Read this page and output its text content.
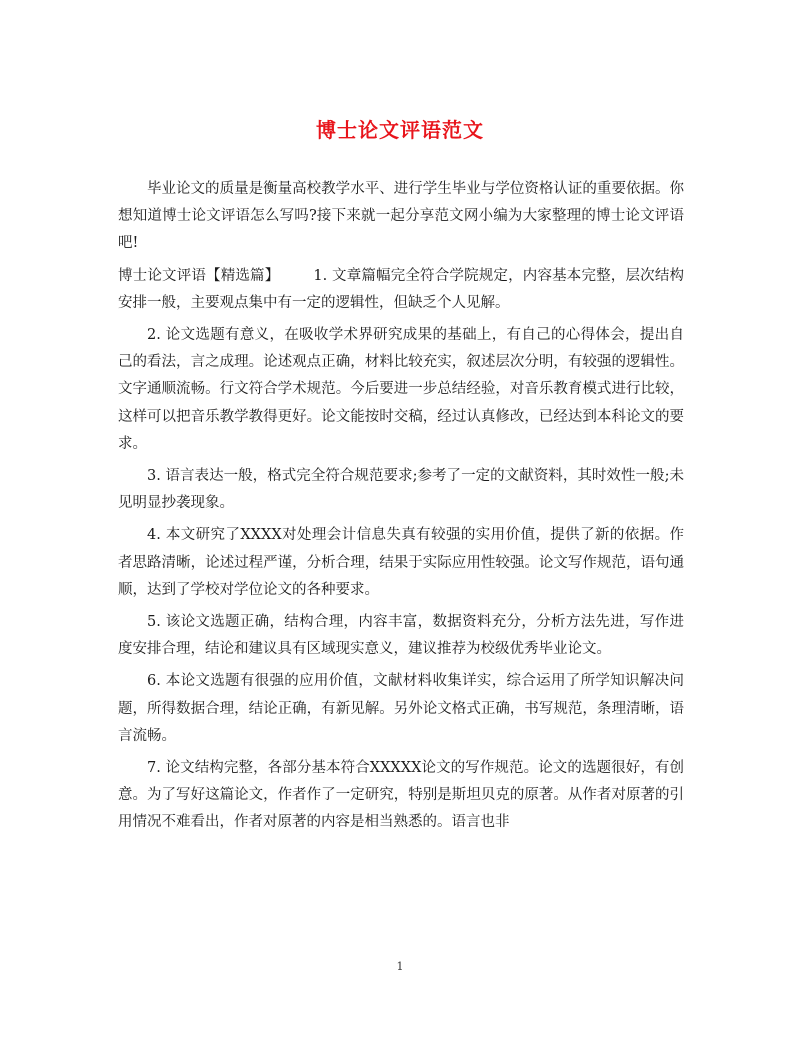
博士论文评语范文

毕业论文的质量是衡量高校教学水平、进行学生毕业与学位资格认证的重要依据。你想知道博士论文评语怎么写吗?接下来就一起分享范文网小编为大家整理的博士论文评语吧!

博士论文评语【精选篇】 1. 文章篇幅完全符合学院规定，内容基本完整，层次结构安排一般，主要观点集中有一定的逻辑性，但缺乏个人见解。

2. 论文选题有意义，在吸收学术界研究成果的基础上，有自己的心得体会，提出自己的看法，言之成理。论述观点正确，材料比较充实，叙述层次分明，有较强的逻辑性。文字通顺流畅。行文符合学术规范。今后要进一步总结经验，对音乐教育模式进行比较，这样可以把音乐教学教得更好。论文能按时交稿，经过认真修改，已经达到本科论文的要求。

3. 语言表达一般，格式完全符合规范要求;参考了一定的文献资料，其时效性一般;未见明显抄袭现象。

4. 本文研究了XXXX对处理会计信息失真有较强的实用价值，提供了新的依据。作者思路清晰，论述过程严谨，分析合理，结果于实际应用性较强。论文写作规范，语句通顺，达到了学校对学位论文的各种要求。

5. 该论文选题正确，结构合理，内容丰富，数据资料充分，分析方法先进，写作进度安排合理，结论和建议具有区域现实意义，建议推荐为校级优秀毕业论文。

6. 本论文选题有很强的应用价值，文献材料收集详实，综合运用了所学知识解决问题，所得数据合理，结论正确，有新见解。另外论文格式正确，书写规范，条理清晰，语言流畅。

7. 论文结构完整，各部分基本符合XXXXX论文的写作规范。论文的选题很好，有创意。为了写好这篇论文，作者作了一定研究，特别是斯坦贝克的原著。从作者对原著的引用情况不难看出，作者对原著的内容是相当熟悉的。语言也非

1
